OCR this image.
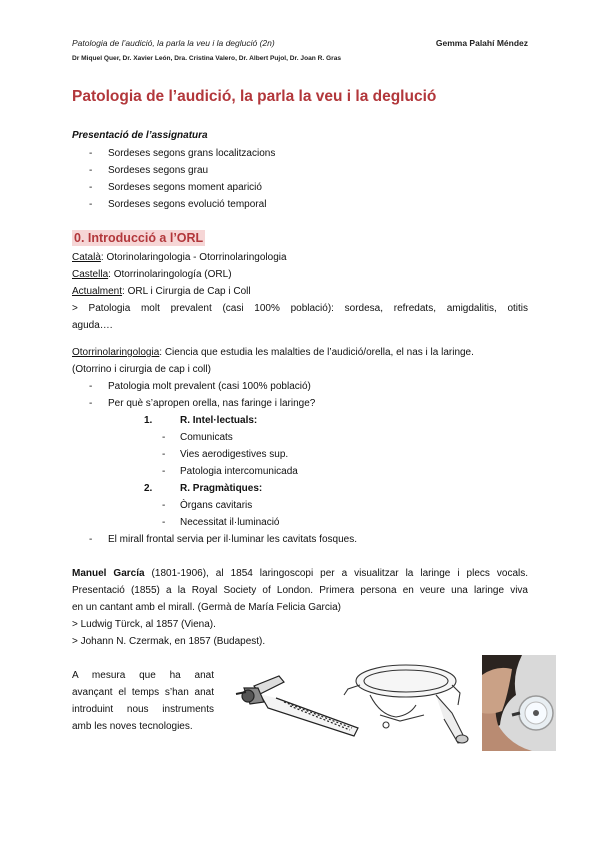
Patologia de l’audició, la parla la veu i la deglució (2n)	Gemma Palahí Méndez
Dr Miquel Quer, Dr. Xavier León, Dra. Cristina Valero, Dr. Albert Pujol, Dr. Joan R. Gras
Patologia de l’audició, la parla la veu i la deglució
Presentació de l’assignatura
- Sordeses segons grans localitzacions
- Sordeses segons grau
- Sordeses segons moment aparició
- Sordeses segons evolució temporal
0. Introducció a l’ORL
Català: Otorinolaringologia - Otorrinolaringologia
Castella: Otorrinolaringología (ORL)
Actualment: ORL i Cirurgia de Cap i Coll
> Patologia molt prevalent (casi 100% població): sordesa, refredats, amigdalitis, otitis
aguda….
Otorrinolaringologia: Ciencia que estudia les malalties de l’audició/orella, el nas i la laringe.
(Otorrino i cirurgia de cap i coll)
- Patologia molt prevalent (casi 100% població)
- Per què s’apropen orella, nas faringe i laringe?
1.	R. Intel·lectuals:
- Comunicats
- Vies aerodigestives sup.
- Patologia intercomunicada
2.	R. Pragmàtiques:
- Òrgans cavitaris
- Necessitat il·luminació
- El mirall frontal servia per il·luminar les cavitats fosques.
Manuel García (1801-1906), al 1854 laringoscopi per a visualitzar la laringe i plecs vocals.
Presentació (1855) a la Royal Society of London. Primera persona en veure una laringe viva
en un cantant amb el mirall. (Germà de María Felicia Garcia)
> Ludwig Türck, al 1857 (Viena).
> Johann N. Czermak, en 1857 (Budapest).
A mesura que ha anat
avançant el temps s’han anat
introduint nous instruments
amb les noves tecnologies.
